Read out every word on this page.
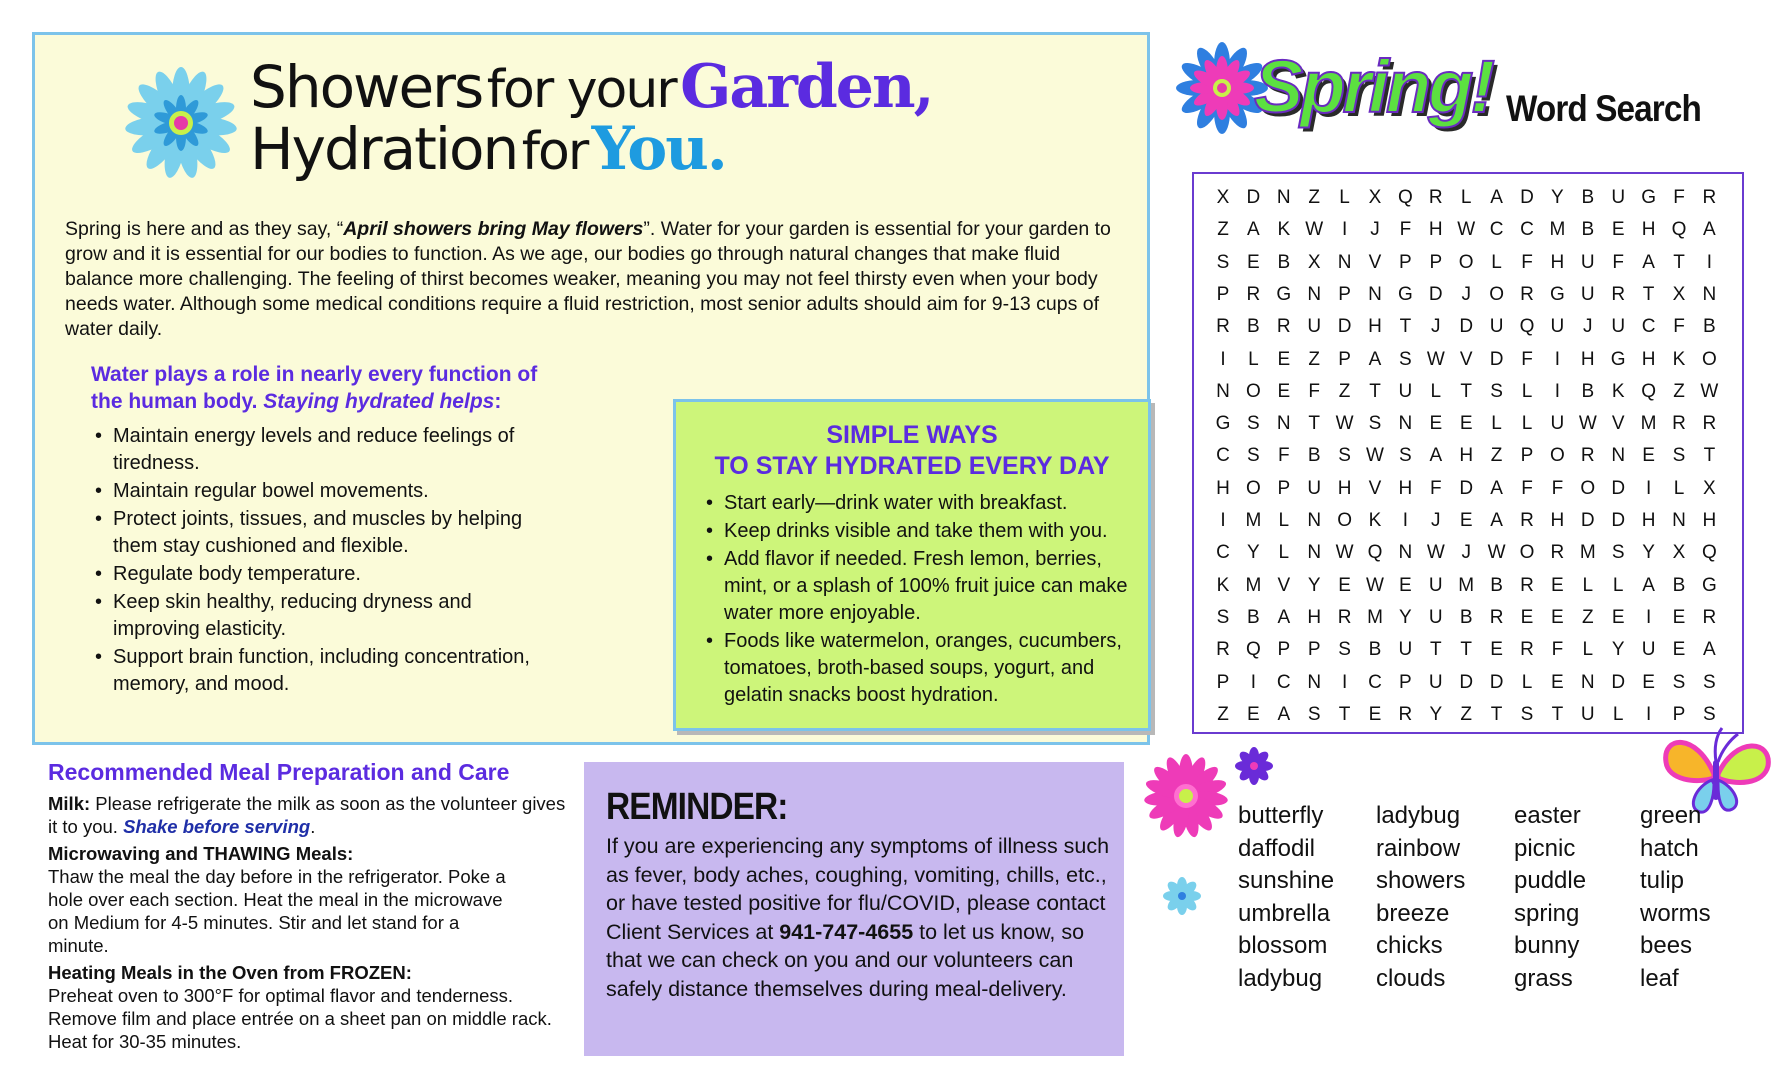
Showers for your Garden,
Hydration for You.

Spring is here and as they say, “April showers bring May flowers”. Water for your garden is essential for your garden to grow and it is essential for our bodies to function. As we age, our bodies go through natural changes that make fluid balance more challenging. The feeling of thirst becomes weaker, meaning you may not feel thirsty even when your body needs water. Although some medical conditions require a fluid restriction, most senior adults should aim for 9-13 cups of water daily.

Water plays a role in nearly every function of the human body. Staying hydrated helps:

• Maintain energy levels and reduce feelings of tiredness.
• Maintain regular bowel movements.
• Protect joints, tissues, and muscles by helping them stay cushioned and flexible.
• Regulate body temperature.
• Keep skin healthy, reducing dryness and improving elasticity.
• Support brain function, including concentration, memory, and mood.
SIMPLE WAYS
TO STAY HYDRATED EVERY DAY
• Start early—drink water with breakfast.
• Keep drinks visible and take them with you.
• Add flavor if needed. Fresh lemon, berries, mint, or a splash of 100% fruit juice can make water more enjoyable.
• Foods like watermelon, oranges, cucumbers, tomatoes, broth-based soups, yogurt, and gelatin snacks boost hydration.

Recommended Meal Preparation and Care

Milk: Please refrigerate the milk as soon as the volunteer gives it to you. Shake before serving.

Microwaving and THAWING Meals:

Thaw the meal the day before in the refrigerator. Poke a hole over each section. Heat the meal in the microwave on Medium for 4-5 minutes. Stir and let stand for a minute.

Heating Meals in the Oven from FROZEN:

Preheat oven to 300°F for optimal flavor and tenderness. Remove film and place entrée on a sheet pan on middle rack. Heat for 30-35 minutes.

REMINDER:

If you are experiencing any symptoms of illness such as fever, body aches, coughing, vomiting, chills, etc., or have tested positive for flu/COVID, please contact Client Services at 941-747-4655 to let us know, so that we can check on you and our volunteers can safely distance themselves during meal-delivery.

Spring! Word Search
X D N Z	L X Q R L A D Y B U G F R
Z A K W I	J	F H W C C M B E H Q A
S E B X N V P P O L	F H U F A T	I
P R G N P N G D J O R G U R T X N
R B R U D H T	J D U Q U J U C F B
I	L E Z P A S W V D F	I	H G H K O
N O E F Z T U L	T S L	I	B K Q Z W
G S N T W S N E E L	L U W V M R R
C S F B S W S A H Z P O R N E S T
H O P U H V H F D A F F O D	I	L X
I	M L N O K	I	J	E A R H D D H N H
C Y L N W Q N W J W O R M S Y X Q
K M V Y E W E U M B R E L	L A B G
S B A H R M Y U B R E E Z E	I	E R
R Q P P S B U T T E R F	L Y U E A
P	I	C N	I	C P U D D L E N D E S S
Z E A S T E R Y Z T S T U L	I	P S
butterfly
daffodil
sunshine
umbrella
blossom
ladybug
ladybug
rainbow
showers
breeze
chicks
clouds
easter
picnic
puddle
spring
bunny
grass
green
hatch
tulip
worms
bees
leaf
